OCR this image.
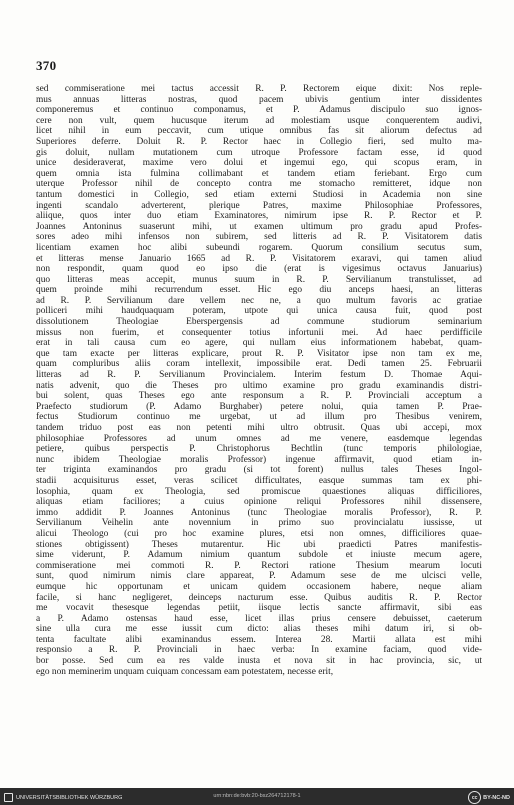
370
sed commiseratione mei tactus accessit R. P. Rectorem eique dixit: Nos reple-
mus annuas litteras nostras, quod pacem ubivis gentium inter dissidentes
componeremus et continuo componamus, et P. Adamus discipulo suo ignos-
cere non vult, quem hucusque iterum ad molestiam usque conquerentem audivi,
licet nihil in eum peccavit, cum utique omnibus fas sit aliorum defectus ad
Superiores deferre. Doluit R. P. Rector haec in Collegio fieri, sed multo ma-
gis doluit, nullam mutationem cum utroque Professore factam esse, id quod
unice desideraverat, maxime vero dolui et ingemui ego, qui scopus eram, in
quem omnia ista fulmina collimabant et tandem etiam feriebant. Ergo cum
uterque Professor nihil de concepto contra me stomacho remitteret, idque non
tantum domestici in Collegio, sed etiam externi Studiosi in Academia non sine
ingenti scandalo adverterent, plerique Patres, maxime Philosophiae Professores,
aliique, quos inter duo etiam Examinatores, nimirum ipse R. P. Rector et P.
Joannes Antoninus suaserunt mihi, ut examen ultimum pro gradu apud Profes-
sores adeo mihi infensos non subirem, sed litteris ad R. P. Visitatorem datis
licentiam examen hoc alibi subeundi rogarem. Quorum consilium secutus sum,
et litteras mense Januario 1665 ad R. P. Visitatorem exaravi, qui tamen aliud
non respondit, quam quod eo ipso die (erat is vigesimus octavus Januarius)
quo litteras meas accepit, munus suum in R. P. Servilianum transtulisset, ad
quem proinde mihi recurrendum esset. Hic ego diu anceps haesi, an litteras
ad R. P. Servilianum dare vellem nec ne, a quo multum favoris ac gratiae
polliceri mihi haudquaquam poteram, utpote qui unica causa fuit, quod post
dissolutionem Theologiae Eberspergensis ad commune studiorum seminarium
missus non fuerim, et consequenter totius infortunii mei. Ad haec perdifficile
erat in tali causa cum eo agere, qui nullam eius informationem habebat, quam-
que tam exacte per litteras explicare, prout R. P. Visitator ipse non tam ex me,
quam compluribus aliis coram intellexit, impossibile erat. Dedi tamen 25. Februarii
litteras ad R. P. Servilianum Provincialem. Interim festum D. Thomae Aqui-
natis advenit, quo die Theses pro ultimo examine pro gradu examinandis distri-
bui solent, quas Theses ego ante responsum a R. P. Provinciali acceptum a
Praefecto studiorum (P. Adamo Burghaber) petere nolui, quia tamen P. Prae-
fectus Studiorum continuo me urgebat, ut ad illum pro Thesibus venirem,
tandem triduo post eas non petenti mihi ultro obtrusit. Quas ubi accepi, mox
philosophiae Professores ad unum omnes ad me venere, easdemque legendas
petiere, quibus perspectis P. Christophorus Bechtlin (tunc temporis philologiae,
nunc ibidem Theologiae moralis Professor) ingenue affirmavit, quod etiam in-
ter triginta examinandos pro gradu (si tot forent) nullus tales Theses Ingol-
stadii acquisiturus esset, veras scilicet difficultates, easque summas tam ex phi-
losophia, quam ex Theologia, sed promiscue quaestiones aliquas difficiliores,
aliquas etiam faciliores; a cuius opinione reliqui Professores nihil dissensere,
immo addidit P. Joannes Antoninus (tunc Theologiae moralis Professor), R. P.
Servilianum Veihelin ante novennium in primo suo provincialatu iussisse, ut
alicui Theologo (cui pro hoc examine plures, etsi non omnes, difficiliores quae-
stiones obtigissent) Theses mutarentur. Hic ubi praedicti Patres manifestis-
sime viderunt, P. Adamum nimium quantum subdole et iniuste mecum agere,
commiseratione mei commoti R. P. Rectori ratione Thesium mearum locuti
sunt, quod nimirum nimis clare appareat, P. Adamum sese de me ulcisci velle,
eumque hic opportunam et unicam quidem occasionem habere, neque aliam
facile, si hanc negligeret, deinceps nacturum esse. Quibus auditis R. P. Rector
me vocavit thesesque legendas petiit, iisque lectis sancte affirmavit, sibi eas
a P. Adamo ostensas haud esse, licet illas prius censere debuisset, caeterum
sine ulla cura me esse iussit cum dicto: alias theses mihi datum iri, si ob-
tenta facultate alibi examinandus essem. Interea 28. Martii allata est mihi
responsio a R. P. Provinciali in haec verba: In examine faciam, quod vide-
bor posse. Sed cum ea res valde inusta et nova sit in hac provincia, sic, ut
ego non meminerim unquam cuiquam concessam eam potestatem, necesse erit,
UNIVERSITÄTSBIBLIOTHEK WÜRZBURG	urn:nbn:de:bvb:20-bsz264712178-1	cc	BY-NC-ND
